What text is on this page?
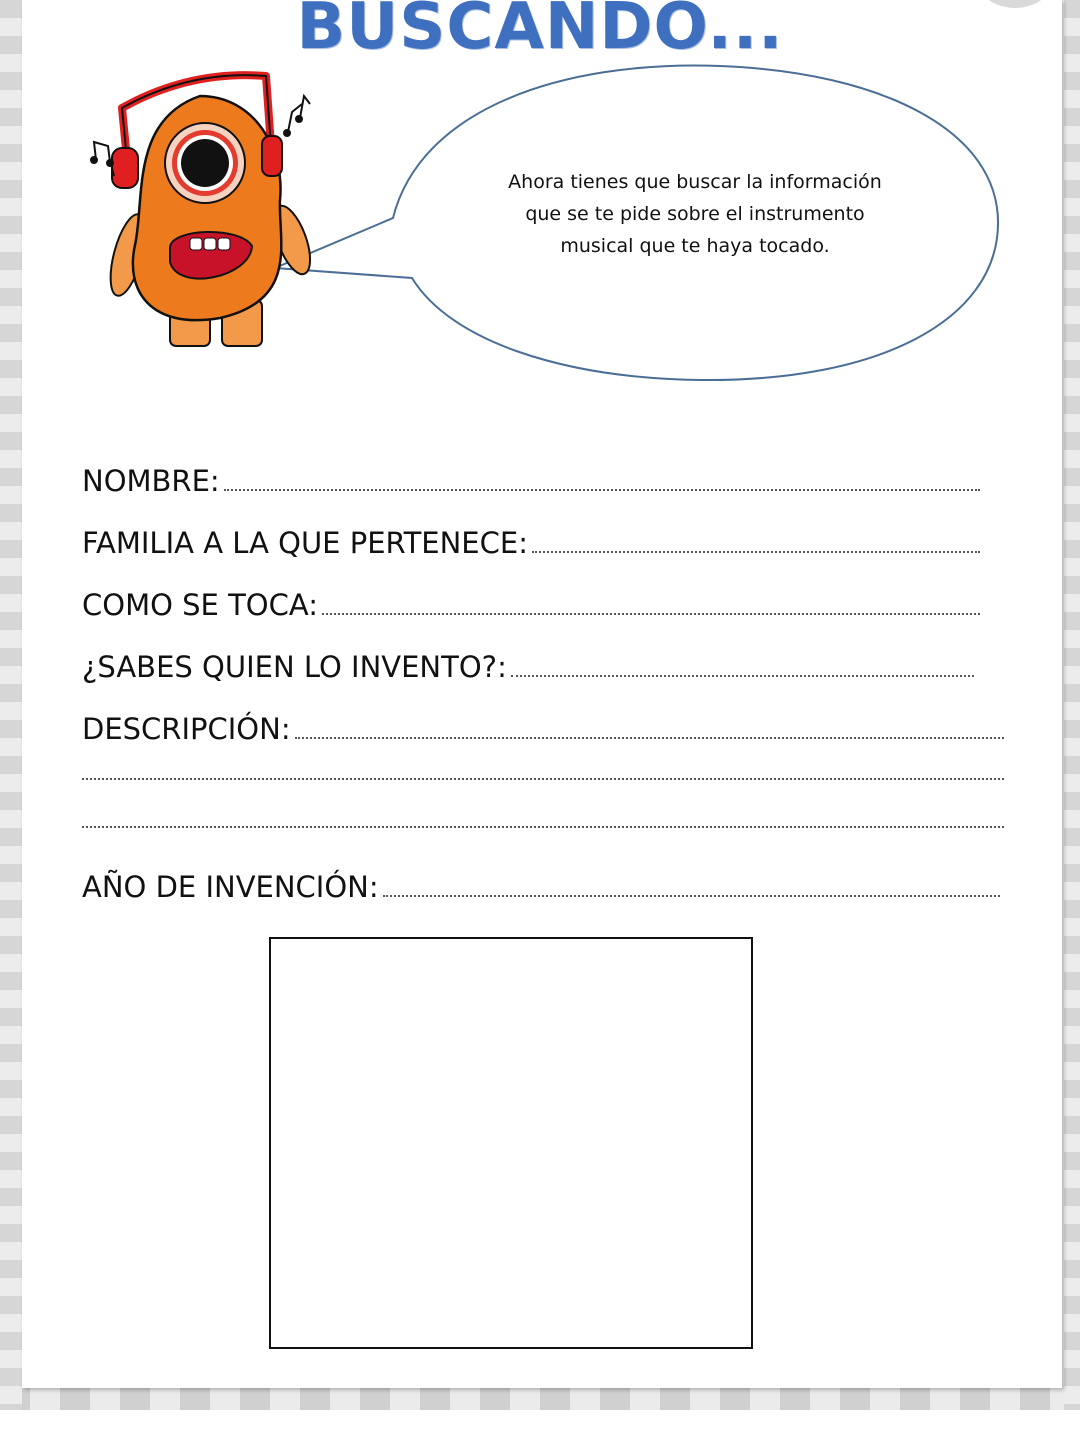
BUSCANDO...
Ahora tienes que buscar la información
que se te pide sobre el instrumento
musical que te haya tocado.
NOMBRE:
FAMILIA A LA QUE PERTENECE:
COMO SE TOCA:
¿SABES QUIEN LO INVENTO?:
DESCRIPCIÓN:
AÑO DE INVENCIÓN:
